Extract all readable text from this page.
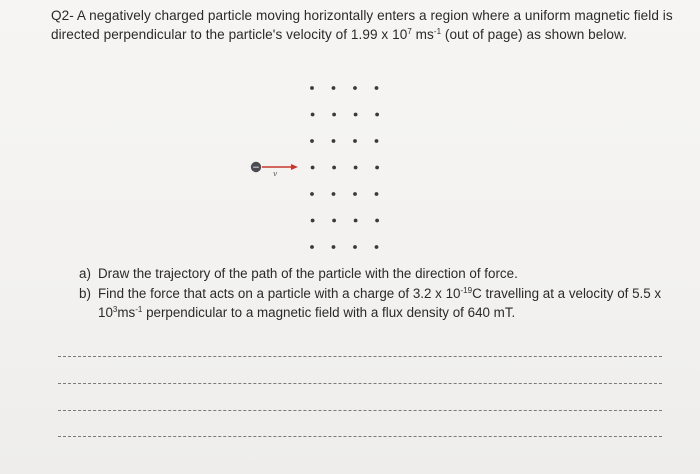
Q2- A negatively charged particle moving horizontally enters a region where a uniform magnetic field is directed perpendicular to the particle's velocity of 1.99 x $10^7$ $ms^{-1}$ (out of page) as shown below.
−
v
a) Draw the trajectory of the path of the particle with the direction of force.
b) Find the force that acts on a particle with a charge of 3.2 x $10^{-19}C$ travelling at a velocity of 5.5 x $10^3ms^{-1}$ perpendicular to a magnetic field with a flux density of 640 mT.
